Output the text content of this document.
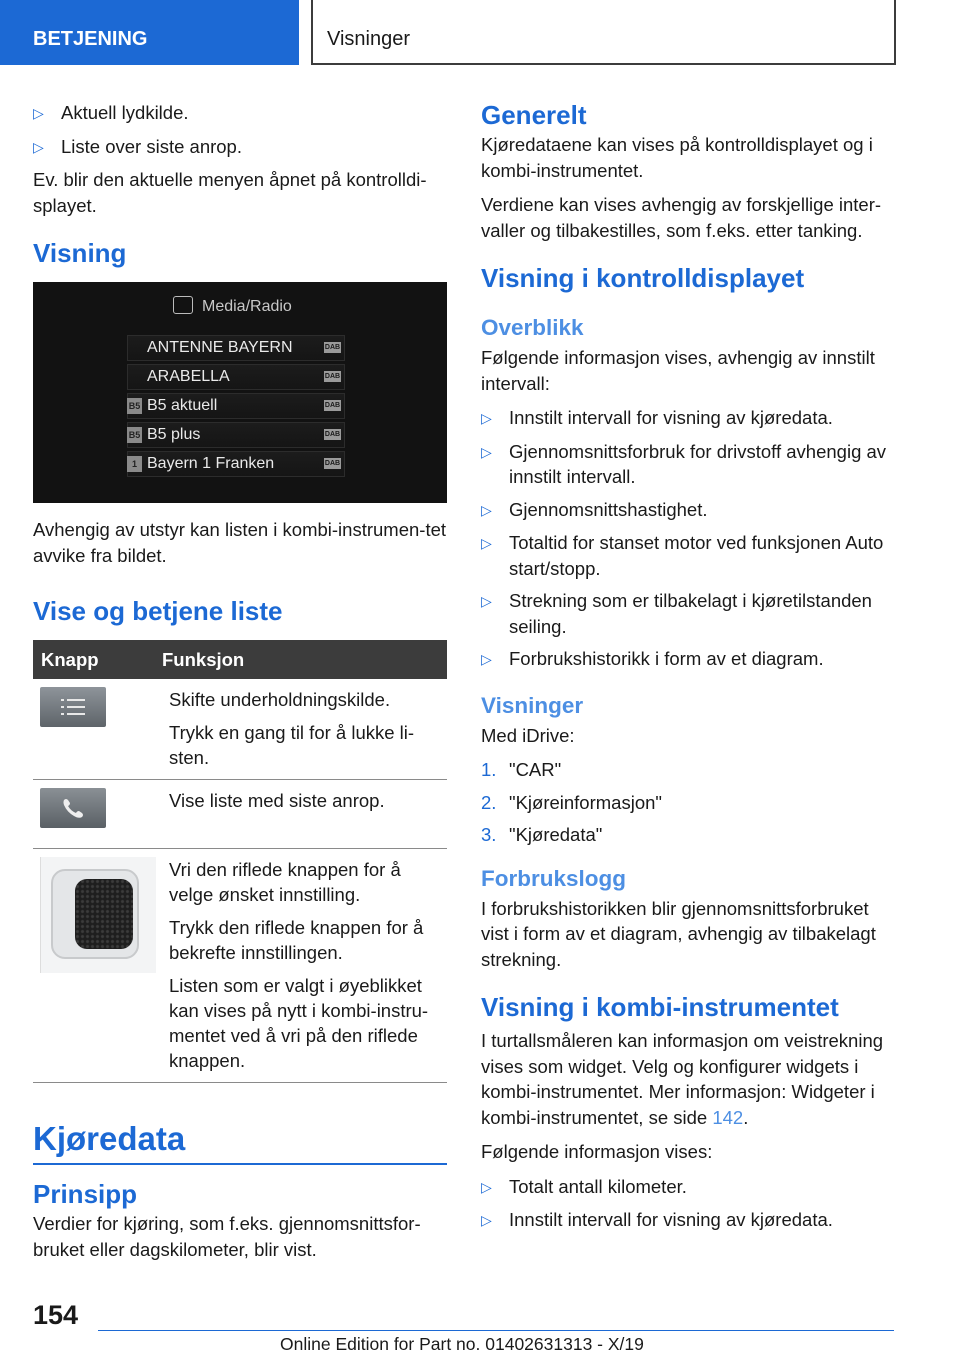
BETJENING	Visninger
▷ Aktuell lydkilde.
▷ Liste over siste anrop.

Ev. blir den aktuelle menyen åpnet på kontrolldi-splayet.

Visning
Media/Radio
ANTENNE BAYERN
ARABELLA
B5 B5 aktuell
B5 B5 plus
1 Bayern 1 Franken
DAB
DAB
DAB
DAB
DAB

Avhengig av utstyr kan listen i kombi-instrumen-tet avvike fra bildet.

Vise og betjene liste
Knapp	Funksjon

Skifte underholdningskilde.

Trykk en gang til for å lukke li-sten.

Vise liste med siste anrop.

Vri den riflede knappen for å velge ønsket innstilling.

Trykk den riflede knappen for å bekrefte innstillingen.

Listen som er valgt i øyeblikket kan vises på nytt i kombi-instru-mentet ved å vri på den riflede knappen.

Kjøredata
Prinsipp

Verdier for kjøring, som f.eks. gjennomsnittsfor-bruket eller dagskilometer, blir vist.

Generelt

Kjøredataene kan vises på kontrolldisplayet og i kombi-instrumentet.

Verdiene kan vises avhengig av forskjellige inter-valler og tilbakestilles, som f.eks. etter tanking.

Visning i kontrolldisplayet
Overblikk

Følgende informasjon vises, avhengig av innstilt intervall:

▷ Innstilt intervall for visning av kjøredata.
▷ Gjennomsnittsforbruk for drivstoff avhengig av innstilt intervall.
▷ Gjennomsnittshastighet.
▷ Totaltid for stanset motor ved funksjonen Auto start/stopp.
▷ Strekning som er tilbakelagt i kjøretilstanden seiling.
▷ Forbrukshistorikk i form av et diagram.
Visninger

Med iDrive:

1. "CAR"
2. "Kjøreinformasjon"
3. "Kjøredata"
Forbrukslogg

I forbrukshistorikken blir gjennomsnittsforbruket vist i form av et diagram, avhengig av tilbakelagt strekning.

Visning i kombi-instrumentet

I turtallsmåleren kan informasjon om veistrekning vises som widget. Velg og konfigurer widgets i kombi-instrumentet. Mer informasjon: Widgeter i kombi-instrumentet, se side 142.

Følgende informasjon vises:

▷ Totalt antall kilometer.
▷ Innstilt intervall for visning av kjøredata.
154
Online Edition for Part no. 01402631313 - X/19
